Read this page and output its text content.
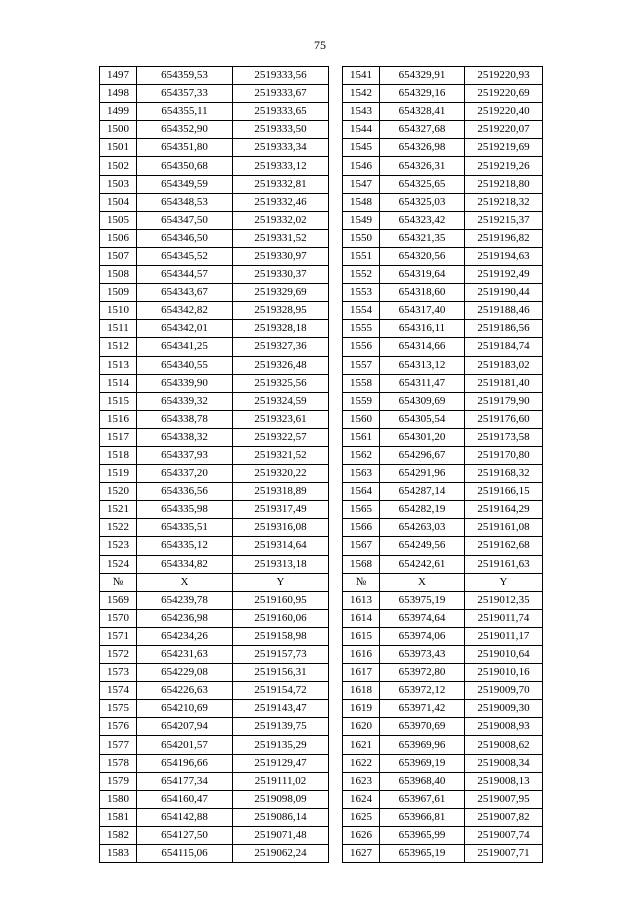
75
1497	654359,53	2519333,56		1541	654329,91	2519220,93
1498	654357,33	2519333,67		1542	654329,16	2519220,69
1499	654355,11	2519333,65		1543	654328,41	2519220,40
1500	654352,90	2519333,50		1544	654327,68	2519220,07
1501	654351,80	2519333,34		1545	654326,98	2519219,69
1502	654350,68	2519333,12		1546	654326,31	2519219,26
1503	654349,59	2519332,81		1547	654325,65	2519218,80
1504	654348,53	2519332,46		1548	654325,03	2519218,32
1505	654347,50	2519332,02		1549	654323,42	2519215,37
1506	654346,50	2519331,52		1550	654321,35	2519196,82
1507	654345,52	2519330,97		1551	654320,56	2519194,63
1508	654344,57	2519330,37		1552	654319,64	2519192,49
1509	654343,67	2519329,69		1553	654318,60	2519190,44
1510	654342,82	2519328,95		1554	654317,40	2519188,46
1511	654342,01	2519328,18		1555	654316,11	2519186,56
1512	654341,25	2519327,36		1556	654314,66	2519184,74
1513	654340,55	2519326,48		1557	654313,12	2519183,02
1514	654339,90	2519325,56		1558	654311,47	2519181,40
1515	654339,32	2519324,59		1559	654309,69	2519179,90
1516	654338,78	2519323,61		1560	654305,54	2519176,60
1517	654338,32	2519322,57		1561	654301,20	2519173,58
1518	654337,93	2519321,52		1562	654296,67	2519170,80
1519	654337,20	2519320,22		1563	654291,96	2519168,32
1520	654336,56	2519318,89		1564	654287,14	2519166,15
1521	654335,98	2519317,49		1565	654282,19	2519164,29
1522	654335,51	2519316,08		1566	654263,03	2519161,08
1523	654335,12	2519314,64		1567	654249,56	2519162,68
1524	654334,82	2519313,18		1568	654242,61	2519161,63
№	X	Y		№	X	Y
1569	654239,78	2519160,95		1613	653975,19	2519012,35
1570	654236,98	2519160,06		1614	653974,64	2519011,74
1571	654234,26	2519158,98		1615	653974,06	2519011,17
1572	654231,63	2519157,73		1616	653973,43	2519010,64
1573	654229,08	2519156,31		1617	653972,80	2519010,16
1574	654226,63	2519154,72		1618	653972,12	2519009,70
1575	654210,69	2519143,47		1619	653971,42	2519009,30
1576	654207,94	2519139,75		1620	653970,69	2519008,93
1577	654201,57	2519135,29		1621	653969,96	2519008,62
1578	654196,66	2519129,47		1622	653969,19	2519008,34
1579	654177,34	2519111,02		1623	653968,40	2519008,13
1580	654160,47	2519098,09		1624	653967,61	2519007,95
1581	654142,88	2519086,14		1625	653966,81	2519007,82
1582	654127,50	2519071,48		1626	653965,99	2519007,74
1583	654115,06	2519062,24		1627	653965,19	2519007,71
